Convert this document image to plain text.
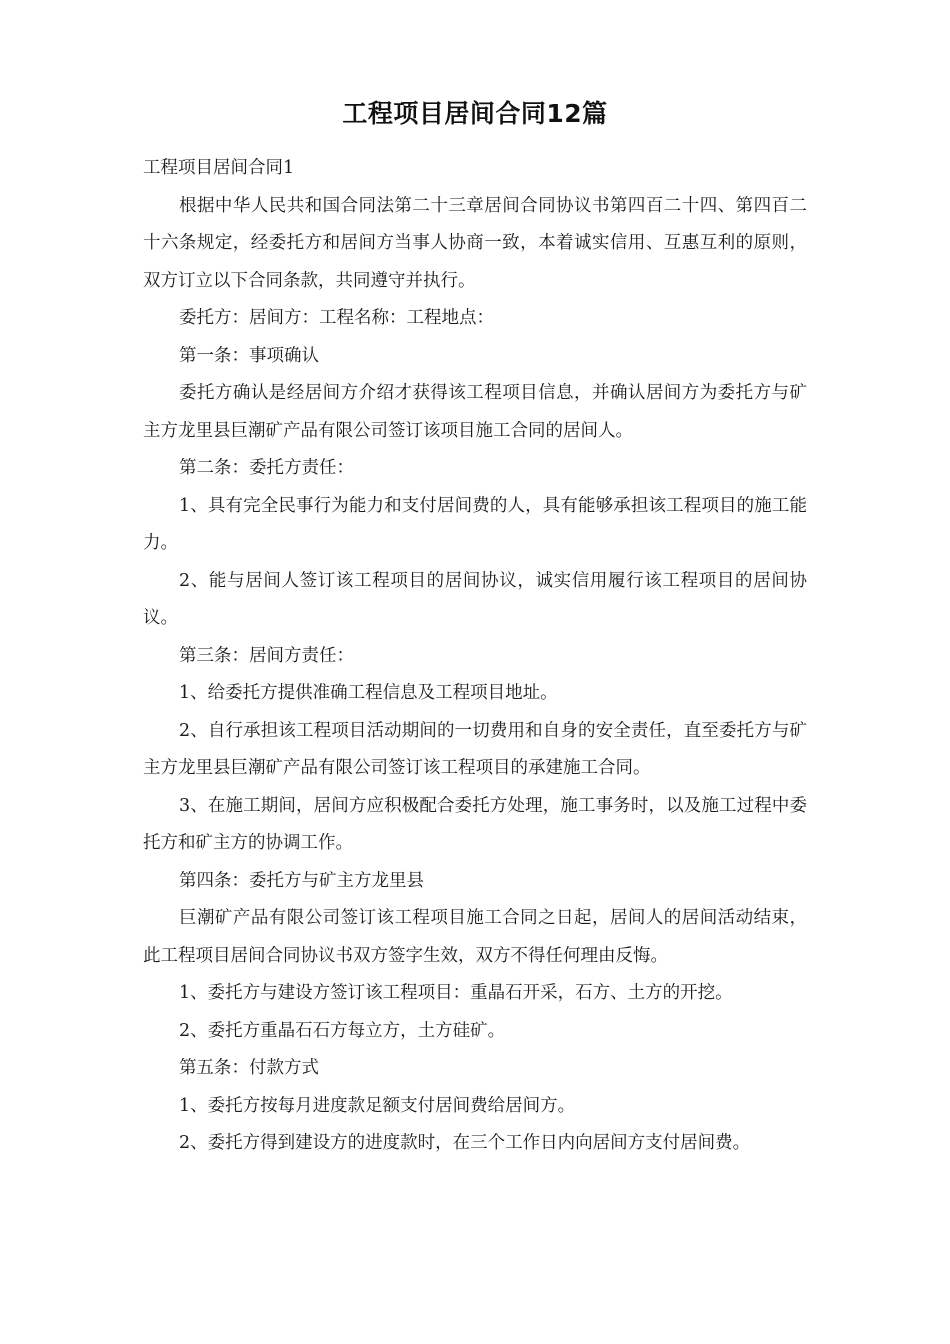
工程项目居间合同12篇

工程项目居间合同1

根据中华人民共和国合同法第二十三章居间合同协议书第四百二十四、第四百二十六条规定，经委托方和居间方当事人协商一致，本着诚实信用、互惠互利的原则，双方订立以下合同条款，共同遵守并执行。

委托方：居间方：工程名称：工程地点：

第一条：事项确认

委托方确认是经居间方介绍才获得该工程项目信息，并确认居间方为委托方与矿主方龙里县巨潮矿产品有限公司签订该项目施工合同的居间人。

第二条：委托方责任：

1、具有完全民事行为能力和支付居间费的人，具有能够承担该工程项目的施工能力。

2、能与居间人签订该工程项目的居间协议，诚实信用履行该工程项目的居间协议。

第三条：居间方责任：

1、给委托方提供准确工程信息及工程项目地址。

2、自行承担该工程项目活动期间的一切费用和自身的安全责任，直至委托方与矿主方龙里县巨潮矿产品有限公司签订该工程项目的承建施工合同。

3、在施工期间，居间方应积极配合委托方处理，施工事务时，以及施工过程中委托方和矿主方的协调工作。

第四条：委托方与矿主方龙里县

巨潮矿产品有限公司签订该工程项目施工合同之日起，居间人的居间活动结束，此工程项目居间合同协议书双方签字生效，双方不得任何理由反悔。

1、委托方与建设方签订该工程项目：重晶石开采，石方、土方的开挖。

2、委托方重晶石石方每立方，土方硅矿。

第五条：付款方式

1、委托方按每月进度款足额支付居间费给居间方。

2、委托方得到建设方的进度款时，在三个工作日内向居间方支付居间费。
